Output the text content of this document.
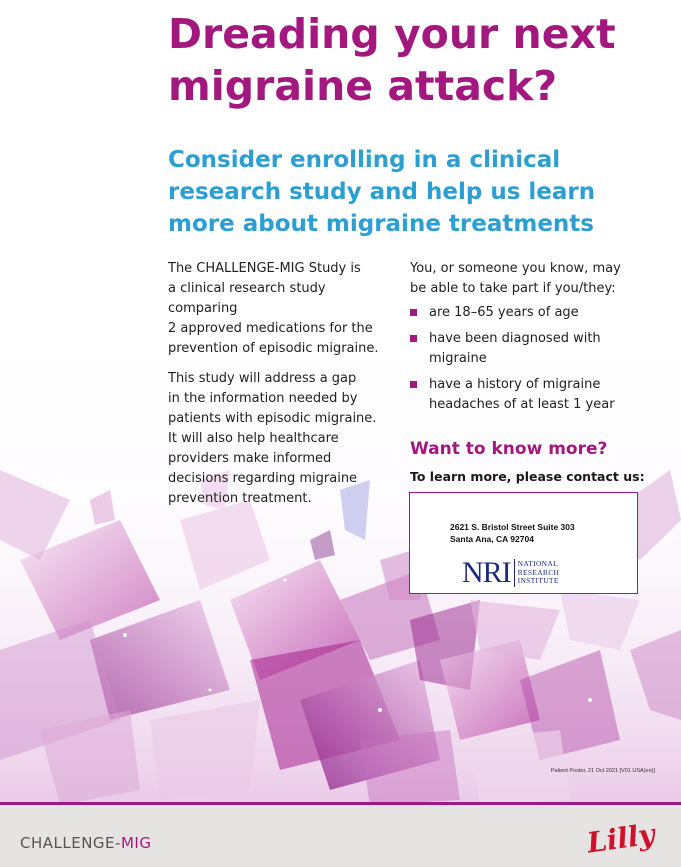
Dreading your next
migraine attack?
Consider enrolling in a clinical
research study and help us learn
more about migraine treatments

The CHALLENGE-MIG Study is
a clinical research study comparing
2 approved medications for the
prevention of episodic migraine.

This study will address a gap
in the information needed by
patients with episodic migraine.
It will also help healthcare
providers make informed
decisions regarding migraine
prevention treatment.

You, or someone you know, may
be able to take part if you/they:
are 18–65 years of age
have been diagnosed with
migraine
have a history of migraine
headaches of at least 1 year
Want to know more?

To learn more, please contact us:

2621 S. Bristol Street Suite 303
Santa Ana, CA 92704
NRI NATIONAL
RESEARCH
INSTITUTE

Patient Poster, 21 Oct 2021 [V01 USA(en)]

CHALLENGE-MIG	Lilly
